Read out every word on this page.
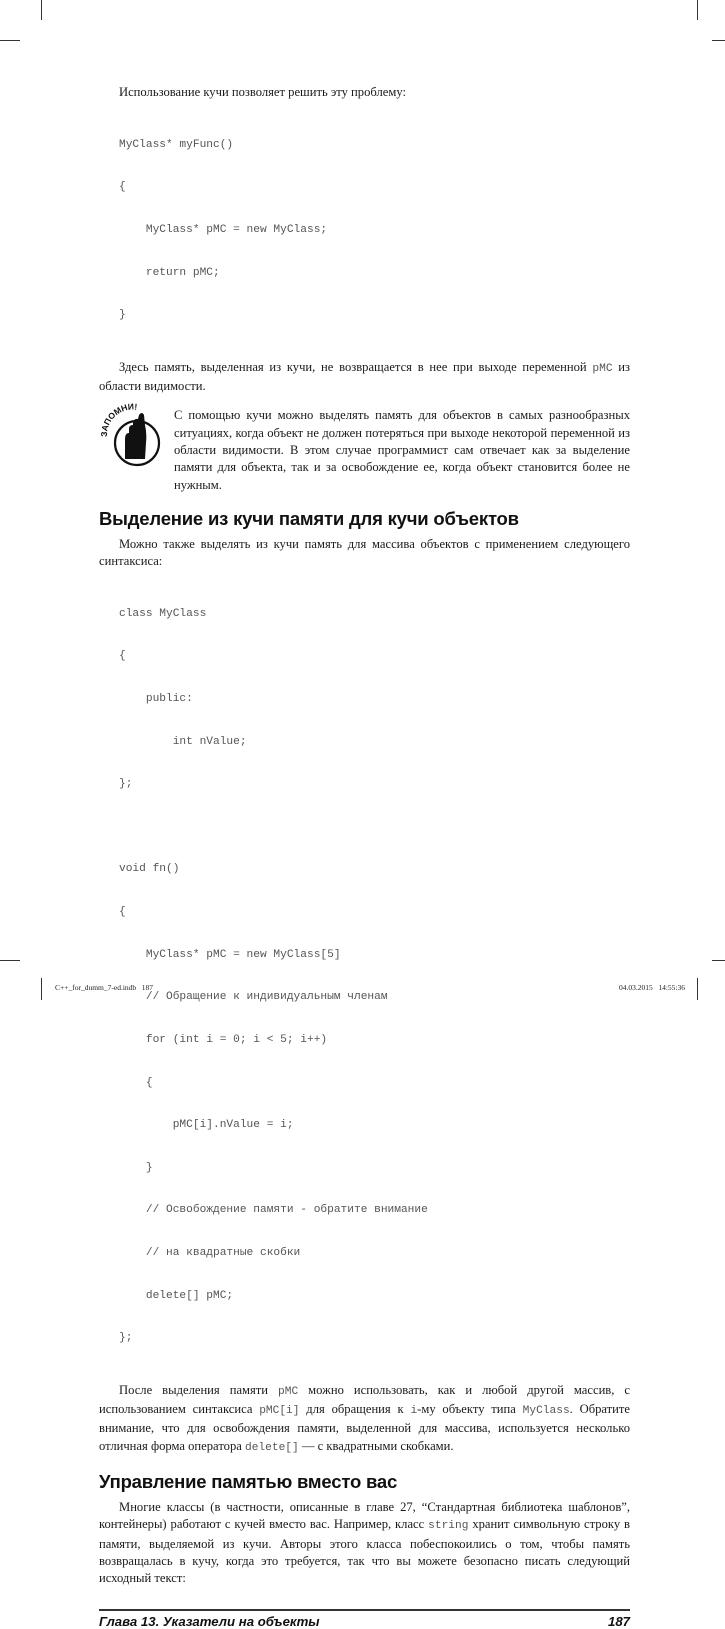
Использование кучи позволяет решить эту проблему:

MyClass* myFunc()

{

MyClass* pMC = new MyClass;

return pMC;

}

Здесь память, выделенная из кучи, не возвращается в нее при выходе переменной pMC из области видимости.

ЗАПОМНИ!

С помощью кучи можно выделять память для объектов в самых разнообразных ситуациях, когда объект не должен потеряться при выходе некоторой переменной из области видимости. В этом случае программист сам отвечает как за выделение памяти для объекта, так и за освобождение ее, когда объект становится более не нужным.

Выделение из кучи памяти для кучи объектов

Можно также выделять из кучи память для массива объектов с применением следующего синтаксиса:

class MyClass

{

public:

int nValue;

};

void fn()

{

MyClass* pMC = new MyClass[5]

// Обращение к индивидуальным членам

for (int i = 0; i < 5; i++)

{

pMC[i].nValue = i;

}

// Освобождение памяти - обратите внимание

// на квадратные скобки

delete[] pMC;

};

После выделения памяти pMC можно использовать, как и любой другой массив, с использованием синтаксиса pMC[i] для обращения к i-му объекту типа MyClass. Обратите внимание, что для освобождения памяти, выделенной для массива, используется несколько отличная форма оператора delete[] — с квадратными скобками.

Управление памятью вместо вас

Многие классы (в частности, описанные в главе 27, “Стандартная библиотека шаблонов”, контейнеры) работают с кучей вместо вас. Например, класс string хранит символьную строку в памяти, выделяемой из кучи. Авторы этого класса побеспокоились о том, чтобы память возвращалась в кучу, когда это требуется, так что вы можете безопасно писать следующий исходный текст:

Глава 13. Указатели на объекты	187
C++_for_dumm_7-ed.indb   187	04.03.2015   14:55:36
